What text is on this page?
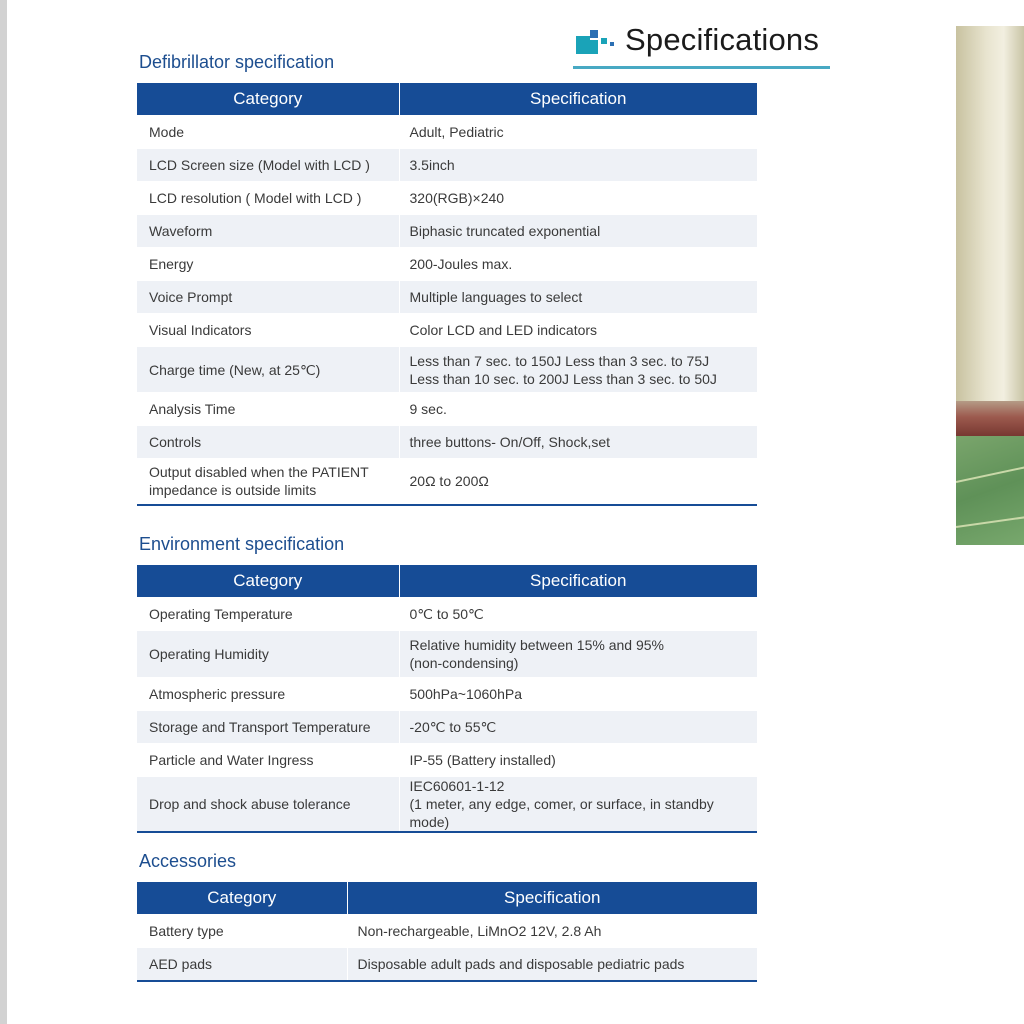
Specifications
Defibrillator specification
Category	Specification
Mode	Adult, Pediatric
LCD Screen size (Model with LCD )	3.5inch
LCD resolution ( Model with LCD )	320(RGB)×240
Waveform	Biphasic truncated exponential
Energy	200-Joules max.
Voice Prompt	Multiple languages to select
Visual Indicators	Color LCD and LED indicators
Charge time (New, at 25℃)	Less than 7 sec. to 150J Less than 3 sec. to 75J
Less than 10 sec. to 200J Less than 3 sec. to 50J
Analysis Time	9 sec.
Controls	three buttons- On/Off, Shock,set
Output disabled when the PATIENT
impedance is outside limits	20Ω to 200Ω
Environment specification
Category	Specification
Operating Temperature	0℃ to 50℃
Operating Humidity	Relative humidity between 15% and 95%
(non-condensing)
Atmospheric pressure	500hPa~1060hPa
Storage and Transport Temperature	-20℃ to 55℃
Particle and Water Ingress	IP-55 (Battery installed)
Drop and shock abuse tolerance	IEC60601-1-12
(1 meter, any edge, comer, or surface, in standby mode)
Accessories
Category	Specification
Battery type	Non-rechargeable, LiMnO2 12V, 2.8 Ah
AED pads	Disposable adult pads and disposable pediatric pads
